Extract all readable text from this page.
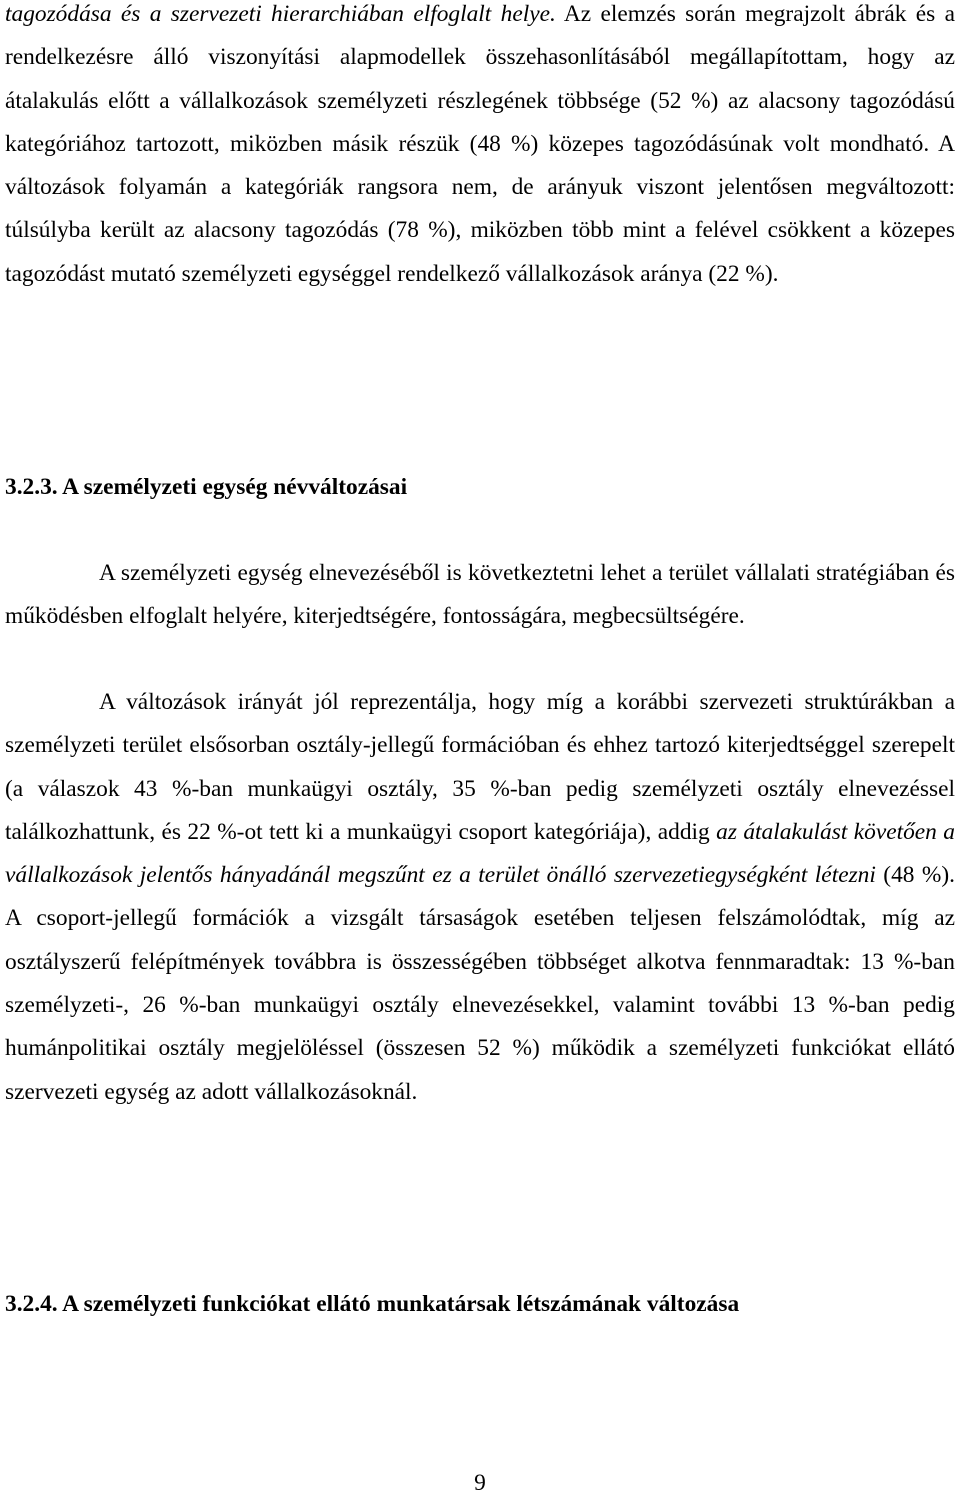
tagozódása és a szervezeti hierarchiában elfoglalt helye. Az elemzés során megrajzolt ábrák és a rendelkezésre álló viszonyítási alapmodellek összehasonlításából megállapítottam, hogy az átalakulás előtt a vállalkozások személyzeti részlegének többsége (52 %) az alacsony tagozódású kategóriához tartozott, miközben másik részük (48 %) közepes tagozódásúnak volt mondható. A változások folyamán a kategóriák rangsora nem, de arányuk viszont jelentősen megváltozott: túlsúlyba került az alacsony tagozódás (78 %), miközben több mint a felével csökkent a közepes tagozódást mutató személyzeti egységgel rendelkező vállalkozások aránya (22 %).

3.2.3. A személyzeti egység névváltozásai

A személyzeti egység elnevezéséből is következtetni lehet a terület vállalati stratégiában és működésben elfoglalt helyére, kiterjedtségére, fontosságára, megbecsültségére.

A változások irányát jól reprezentálja, hogy míg a korábbi szervezeti struktúrákban a személyzeti terület elsősorban osztály-jellegű formációban és ehhez tartozó kiterjedtséggel szerepelt (a válaszok 43 %-ban munkaügyi osztály, 35 %-ban pedig személyzeti osztály elnevezéssel találkozhattunk, és 22 %-ot tett ki a munkaügyi csoport kategóriája), addig az átalakulást követően a vállalkozások jelentős hányadánál megszűnt ez a terület önálló szervezetiegységként létezni (48 %). A csoport-jellegű formációk a vizsgált társaságok esetében teljesen felszámolódtak, míg az osztályszerű felépítmények továbbra is összességében többséget alkotva fennmaradtak: 13 %-ban személyzeti-, 26 %-ban munkaügyi osztály elnevezésekkel, valamint további 13 %-ban pedig humánpolitikai osztály megjelöléssel (összesen 52 %) működik a személyzeti funkciókat ellátó szervezeti egység az adott vállalkozásoknál.

3.2.4. A személyzeti funkciókat ellátó munkatársak létszámának változása
9
